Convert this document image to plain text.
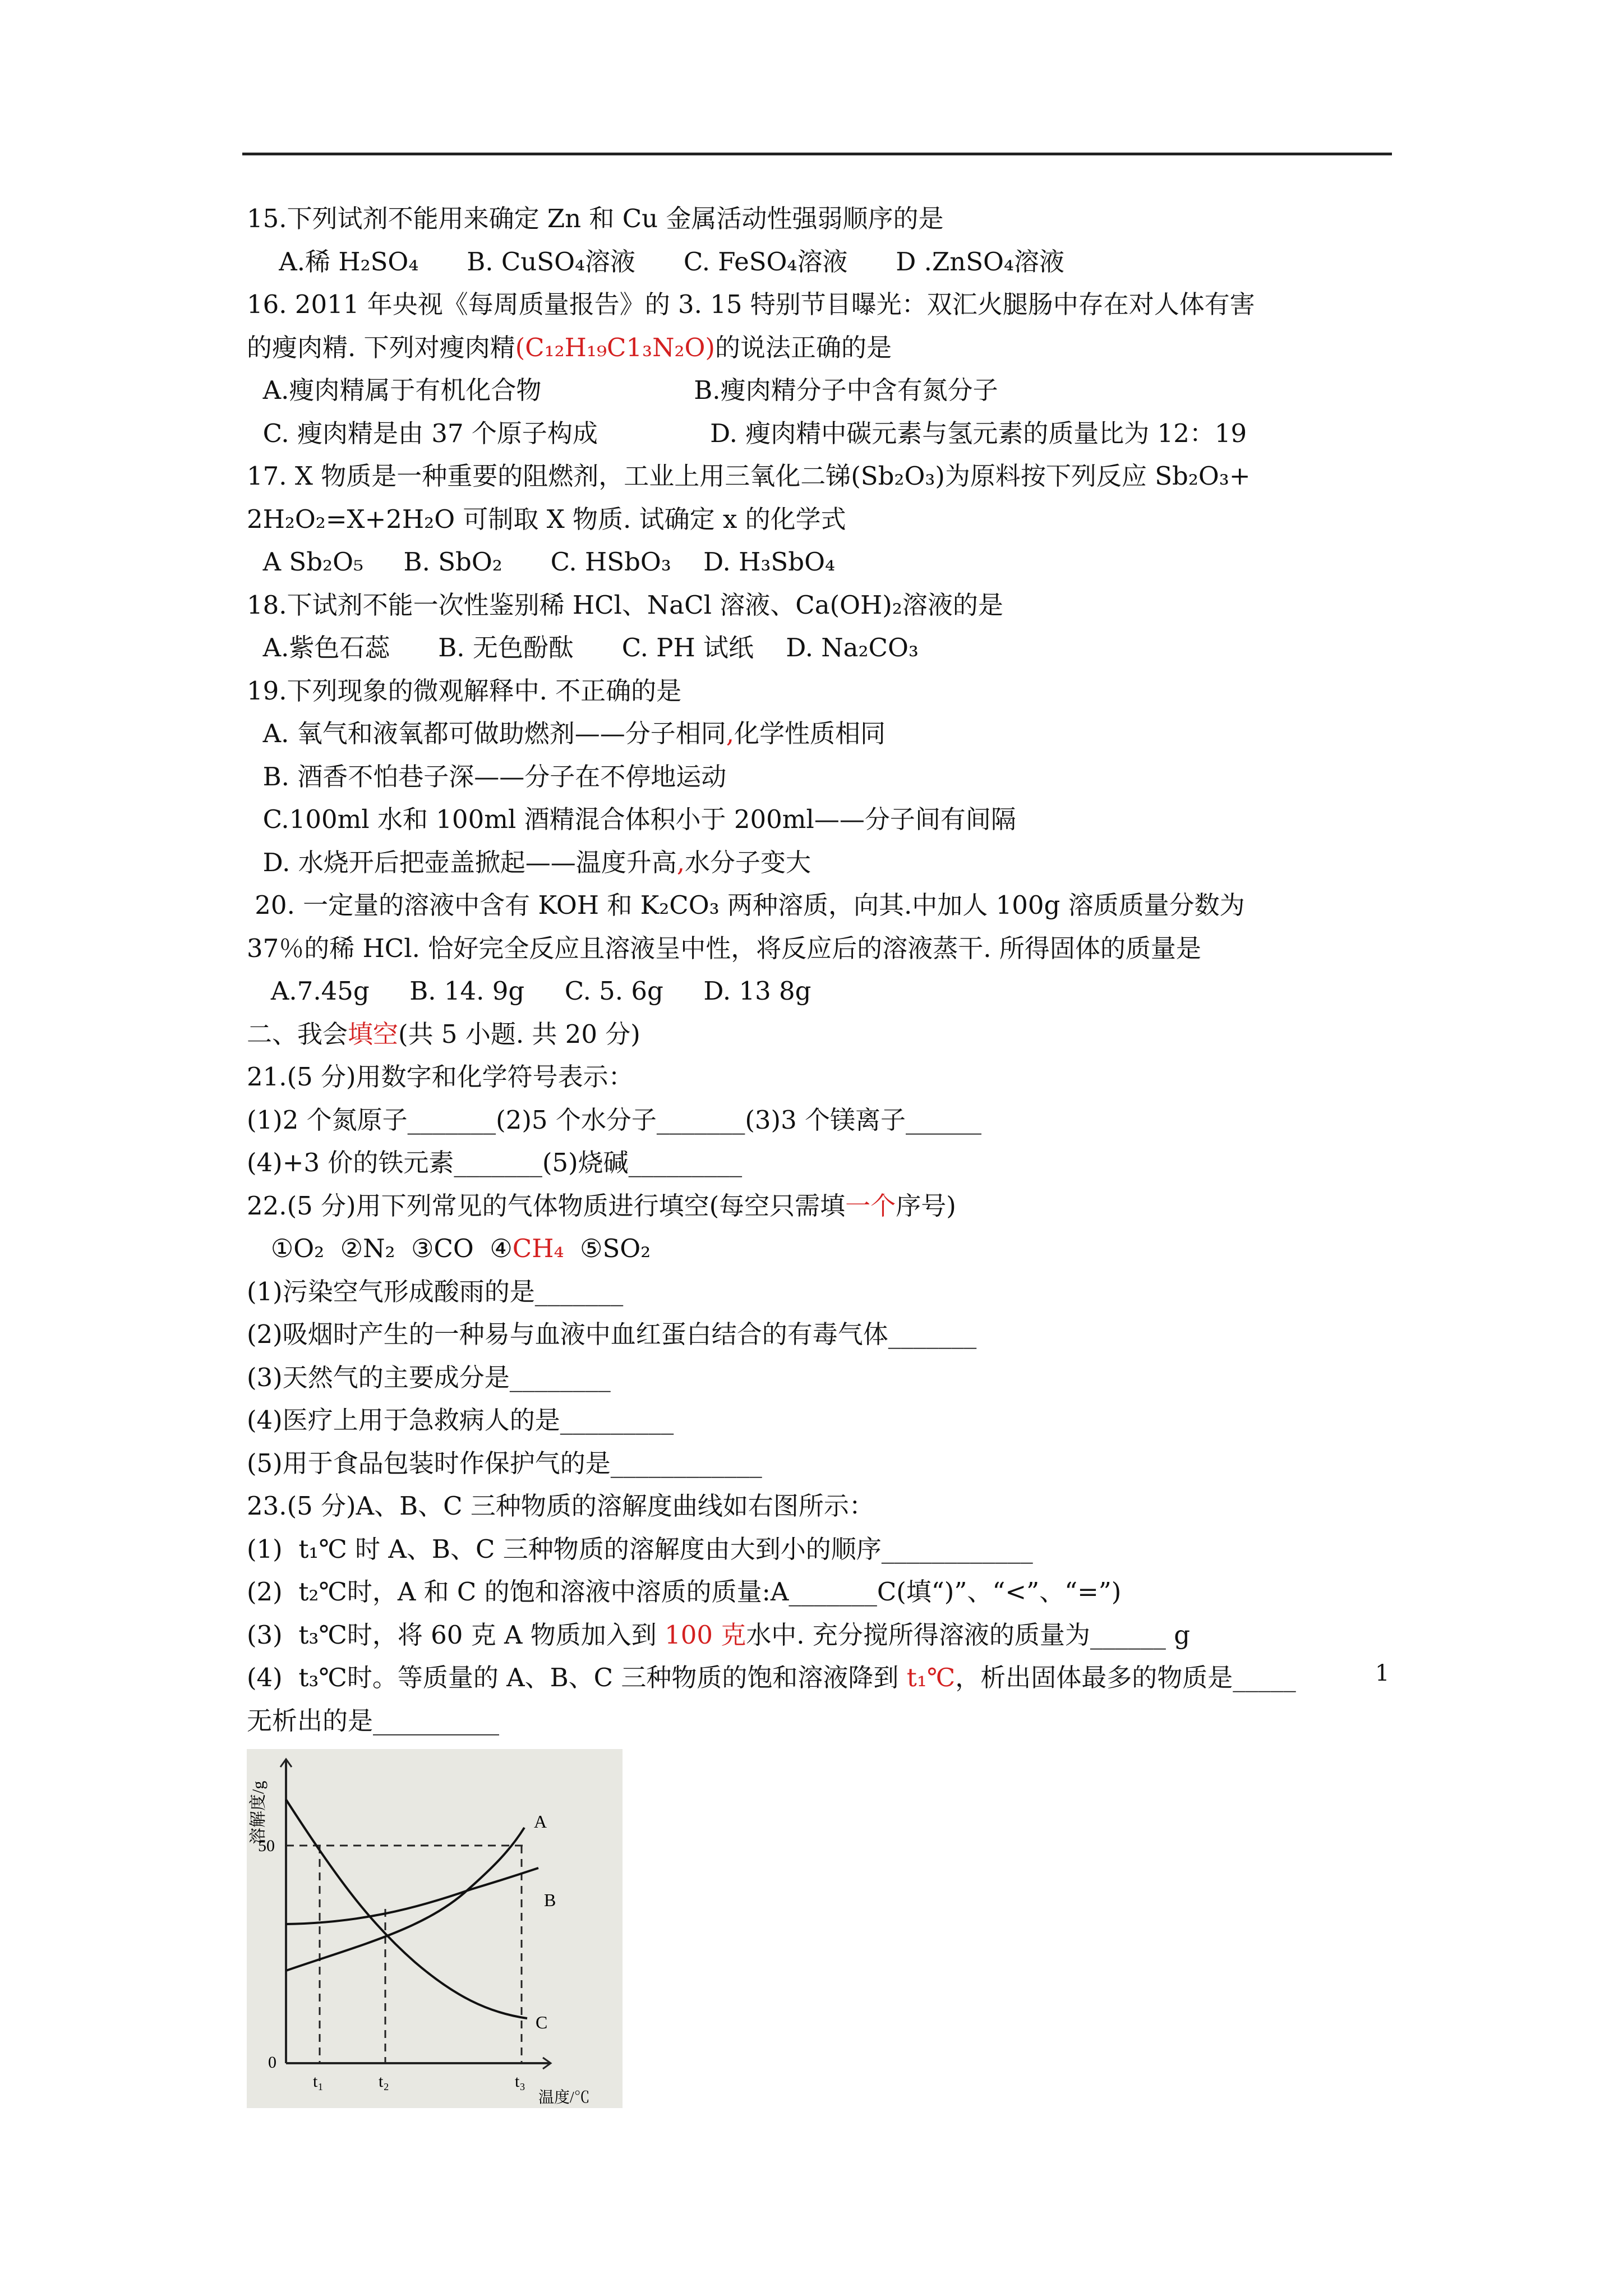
15.下列试剂不能用来确定 Zn 和 Cu 金属活动性强弱顺序的是
A.稀 H₂SO₄      B. CuSO₄溶液      C. FeSO₄溶液      D .ZnSO₄溶液
16. 2011 年央视《每周质量报告》的 3. 15 特别节目曝光：双汇火腿肠中存在对人体有害
的瘦肉精. 下列对瘦肉精(C₁₂H₁₉C1₃N₂O)的说法正确的是
A.瘦肉精属于有机化合物                   B.瘦肉精分子中含有氮分子
C. 瘦肉精是由 37 个原子构成              D. 瘦肉精中碳元素与氢元素的质量比为 12：19
17. X 物质是一种重要的阻燃剂，工业上用三氧化二锑(Sb₂O₃)为原料按下列反应 Sb₂O₃+
2H₂O₂=X+2H₂O 可制取 X 物质. 试确定 x 的化学式
A Sb₂O₅     B. SbO₂      C. HSbO₃    D. H₃SbO₄
18.下试剂不能一次性鉴别稀 HCl、NaCl 溶液、Ca(OH)₂溶液的是
A.紫色石蕊      B. 无色酚酞      C. PH 试纸    D. Na₂CO₃
19.下列现象的微观解释中. 不正确的是
A. 氧气和液氧都可做助燃剂——分子相同,化学性质相同
B. 酒香不怕巷子深——分子在不停地运动
C.100ml 水和 100ml 酒精混合体积小于 200ml——分子间有间隔
D. 水烧开后把壶盖掀起——温度升高,水分子变大
20. 一定量的溶液中含有 KOH 和 K₂CO₃ 两种溶质，向其.中加人 100g 溶质质量分数为
37％的稀 HCl. 恰好完全反应且溶液呈中性，将反应后的溶液蒸干. 所得固体的质量是
A.7.45g     B. 14. 9g     C. 5. 6g     D. 13 8g
二、我会填空(共 5 小题. 共 20 分)
21.(5 分)用数字和化学符号表示：
(1)2 个氮原子_______(2)5 个水分子_______(3)3 个镁离子______
(4)+3 价的铁元素_______(5)烧碱_________
22.(5 分)用下列常见的气体物质进行填空(每空只需填一个序号)
①O₂  ②N₂  ③CO  ④CH₄  ⑤SO₂
(1)污染空气形成酸雨的是_______
(2)吸烟时产生的一种易与血液中血红蛋白结合的有毒气体_______
(3)天然气的主要成分是________
(4)医疗上用于急救病人的是_________
(5)用于食品包装时作保护气的是____________
23.(5 分)A、B、C 三种物质的溶解度曲线如右图所示：
(1)  t₁℃ 时 A、B、C 三种物质的溶解度由大到小的顺序____________
(2)  t₂℃时，A 和 C 的饱和溶液中溶质的质量:A_______C(填“)”、“<”、“=”)
(3)  t₃℃时，将 60 克 A 物质加入到 100 克水中. 充分搅所得溶液的质量为______ g
(4)  t₃℃时。等质量的 A、B、C 三种物质的饱和溶液降到 t₁℃，析出固体最多的物质是_____
无析出的是__________
溶解度/g
温度/℃
50
0
A
B
C
t₁	t₂	t₃
1
